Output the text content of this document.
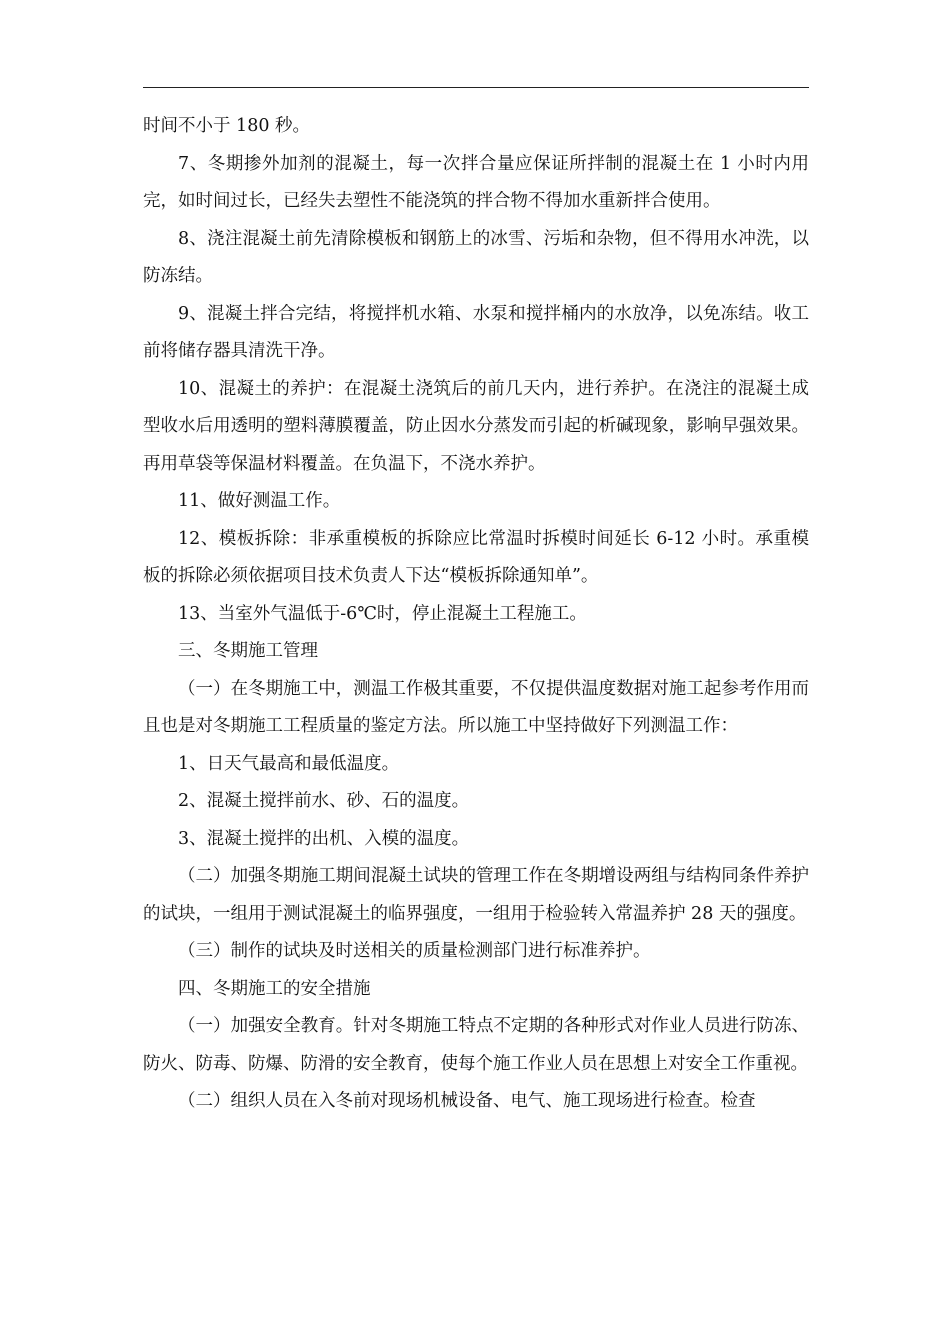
时间不小于 180 秒。

7、冬期掺外加剂的混凝土，每一次拌合量应保证所拌制的混凝土在 1 小时内用完，如时间过长，已经失去塑性不能浇筑的拌合物不得加水重新拌合使用。

8、浇注混凝土前先清除模板和钢筋上的冰雪、污垢和杂物，但不得用水冲洗，以防冻结。

9、混凝土拌合完结，将搅拌机水箱、水泵和搅拌桶内的水放净，以免冻结。收工前将储存器具清洗干净。

10、混凝土的养护：在混凝土浇筑后的前几天内，进行养护。在浇注的混凝土成型收水后用透明的塑料薄膜覆盖，防止因水分蒸发而引起的析碱现象，影响早强效果。再用草袋等保温材料覆盖。在负温下，不浇水养护。

11、做好测温工作。

12、模板拆除：非承重模板的拆除应比常温时拆模时间延长 6-12 小时。承重模板的拆除必须依据项目技术负责人下达“模板拆除通知单”。

13、当室外气温低于-6℃时，停止混凝土工程施工。

三、冬期施工管理

（一）在冬期施工中，测温工作极其重要，不仅提供温度数据对施工起参考作用而且也是对冬期施工工程质量的鉴定方法。所以施工中坚持做好下列测温工作：

1、日天气最高和最低温度。

2、混凝土搅拌前水、砂、石的温度。

3、混凝土搅拌的出机、入模的温度。

（二）加强冬期施工期间混凝土试块的管理工作在冬期增设两组与结构同条件养护的试块，一组用于测试混凝土的临界强度，一组用于检验转入常温养护 28 天的强度。

（三）制作的试块及时送相关的质量检测部门进行标准养护。

四、冬期施工的安全措施

（一）加强安全教育。针对冬期施工特点不定期的各种形式对作业人员进行防冻、防火、防毒、防爆、防滑的安全教育，使每个施工作业人员在思想上对安全工作重视。

（二）组织人员在入冬前对现场机械设备、电气、施工现场进行检查。检查
